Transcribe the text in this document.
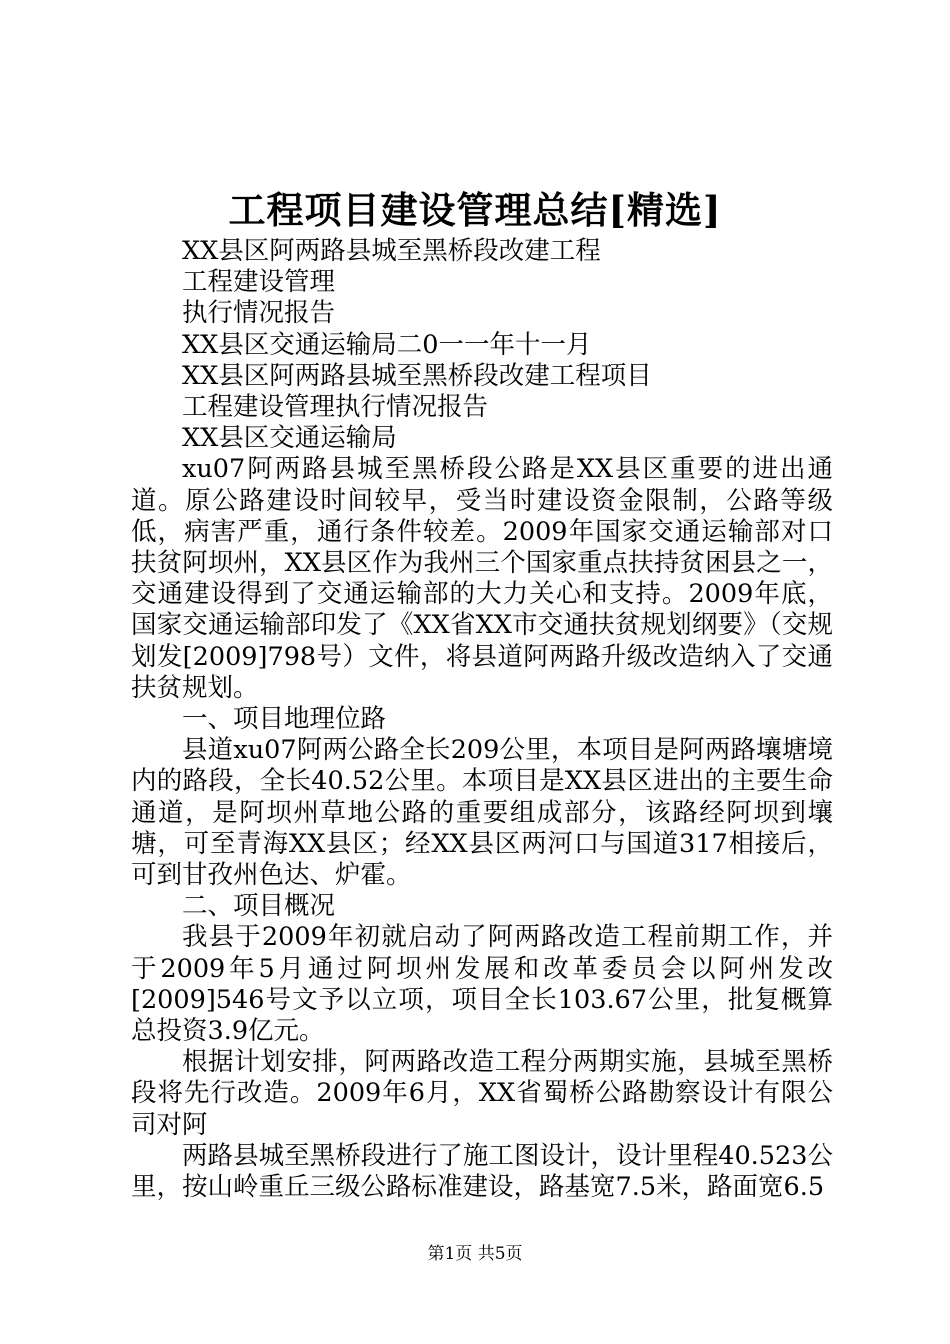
工程项目建设管理总结[精选]

XX县区阿两路县城至黑桥段改建工程

工程建设管理

执行情况报告

XX县区交通运输局二0一一年十一月

XX县区阿两路县城至黑桥段改建工程项目

工程建设管理执行情况报告

XX县区交通运输局

xu07阿两路县城至黑桥段公路是XX县区重要的进出通道。原公路建设时间较早，受当时建设资金限制，公路等级低，病害严重，通行条件较差。2009年国家交通运输部对口扶贫阿坝州，XX县区作为我州三个国家重点扶持贫困县之一，交通建设得到了交通运输部的大力关心和支持。2009年底，国家交通运输部印发了《XX省XX市交通扶贫规划纲要》（交规划发[2009]798号）文件，将县道阿两路升级改造纳入了交通扶贫规划。

一、项目地理位路

县道xu07阿两公路全长209公里，本项目是阿两路壤塘境内的路段，全长40.52公里。本项目是XX县区进出的主要生命通道，是阿坝州草地公路的重要组成部分，该路经阿坝到壤塘，可至青海XX县区；经XX县区两河口与国道317相接后，可到甘孜州色达、炉霍。

二、项目概况

我县于2009年初就启动了阿两路改造工程前期工作，并于2009年5月通过阿坝州发展和改革委员会以阿州发改[2009]546号文予以立项，项目全长103.67公里，批复概算总投资3.9亿元。

根据计划安排，阿两路改造工程分两期实施，县城至黑桥段将先行改造。2009年6月，XX省蜀桥公路勘察设计有限公司对阿

两路县城至黑桥段进行了施工图设计，设计里程40.523公里，按山岭重丘三级公路标准建设，路基宽7.5米，路面宽6.5

第1页 共5页
